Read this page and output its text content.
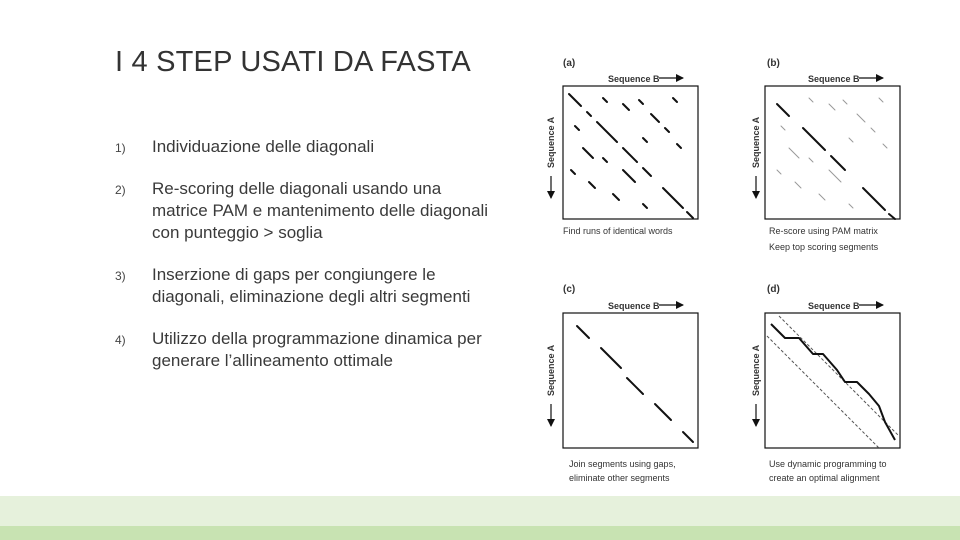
I 4 STEP USATI DA FASTA
1) Individuazione delle diagonali
2) Re-scoring delle diagonali usando una matrice PAM e mantenimento delle diagonali con punteggio > soglia
3) Inserzione di gaps per congiungere le diagonali, eliminazione degli altri segmenti
4) Utilizzo della programmazione dinamica per generare l’allineamento ottimale
(a)
Sequence B
Sequence A
Find runs of identical words
(b)
Sequence B
Sequence A
Re-score using PAM matrix
Keep top scoring segments
(c)
Sequence B
Sequence A
Join segments using gaps,
eliminate other segments
(d)
Sequence B
Sequence A
Use dynamic programming to
create an optimal alignment
